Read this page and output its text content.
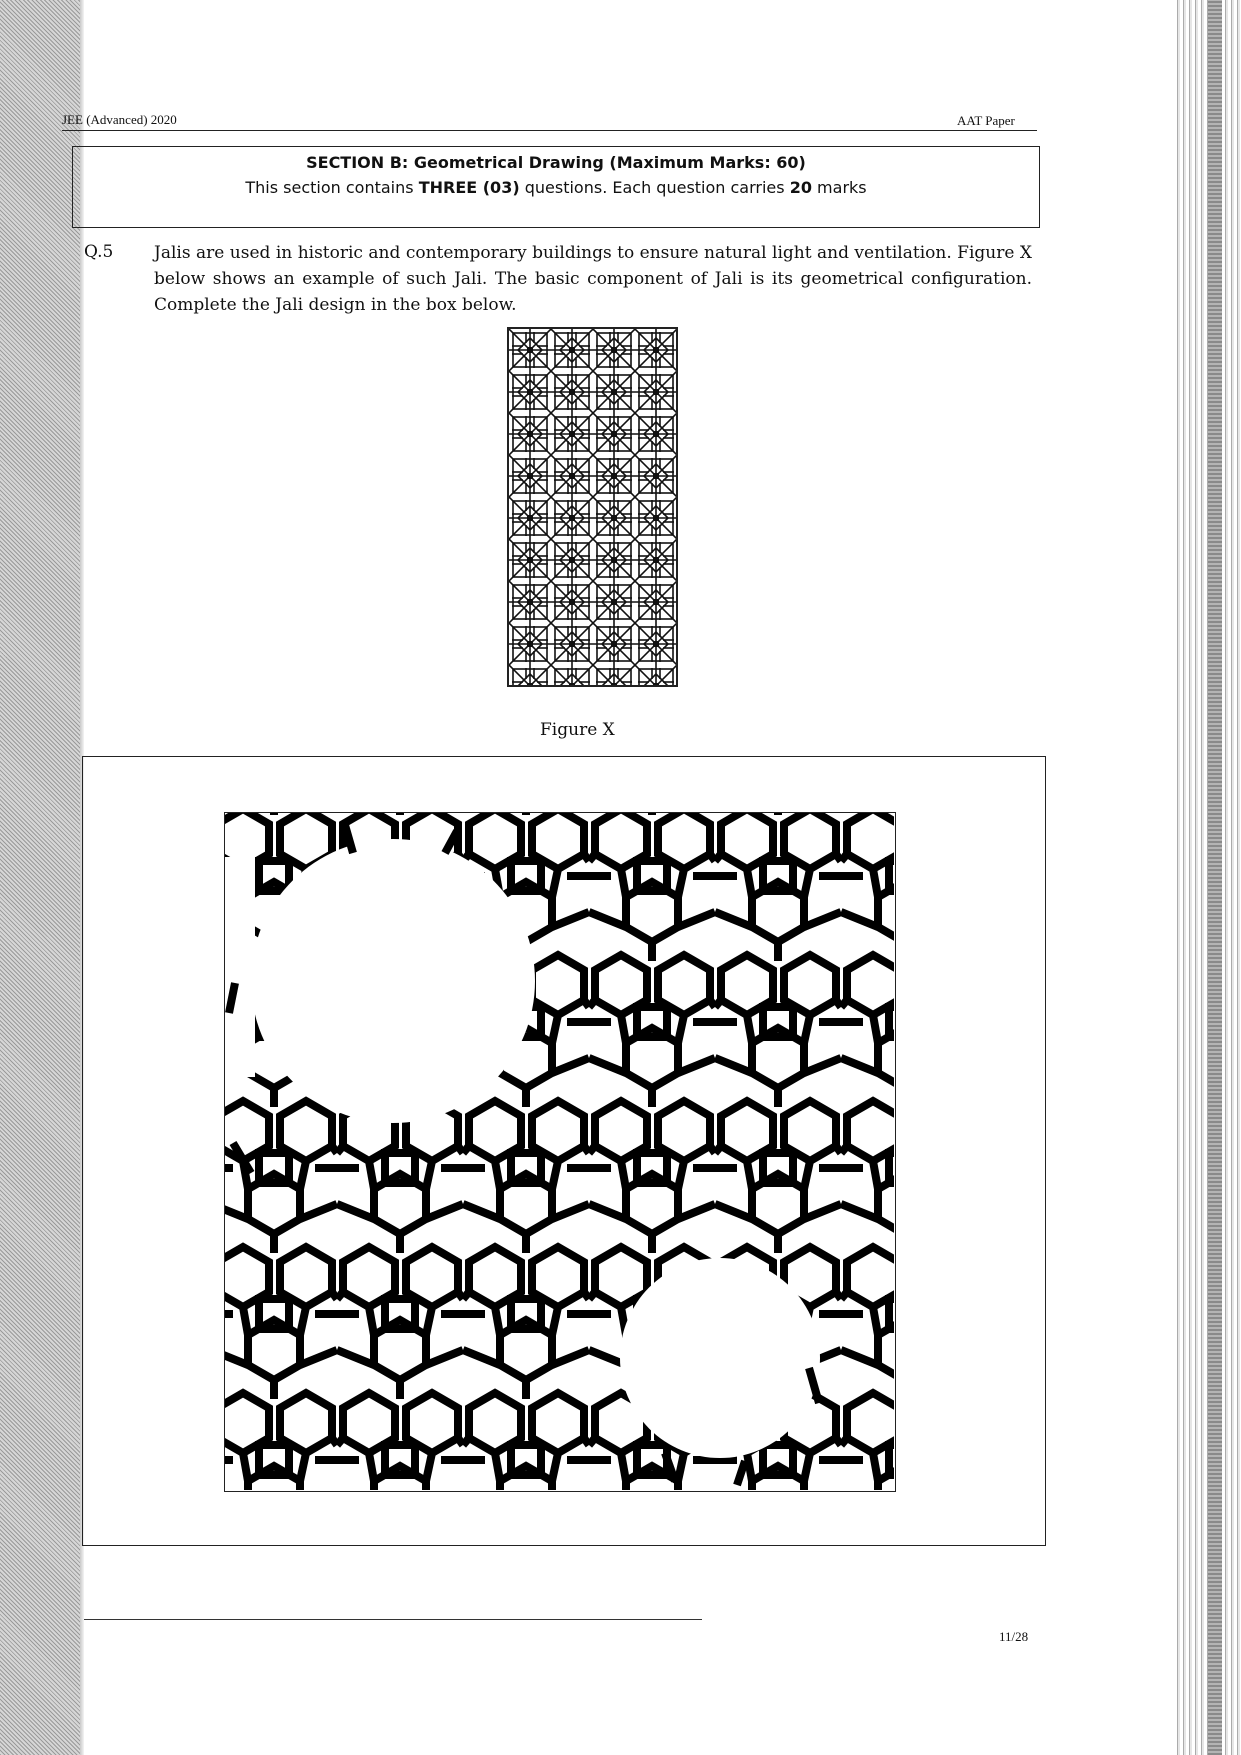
JEE (Advanced) 2020	AAT Paper
SECTION B: Geometrical Drawing (Maximum Marks: 60)
This section contains THREE (03) questions. Each question carries 20 marks
Q.5 Jalis are used in historic and contemporary buildings to ensure natural light and ventilation. Figure X below shows an example of such Jali. The basic component of Jali is its geometrical configuration. Complete the Jali design in the box below.
Figure X
11/28
